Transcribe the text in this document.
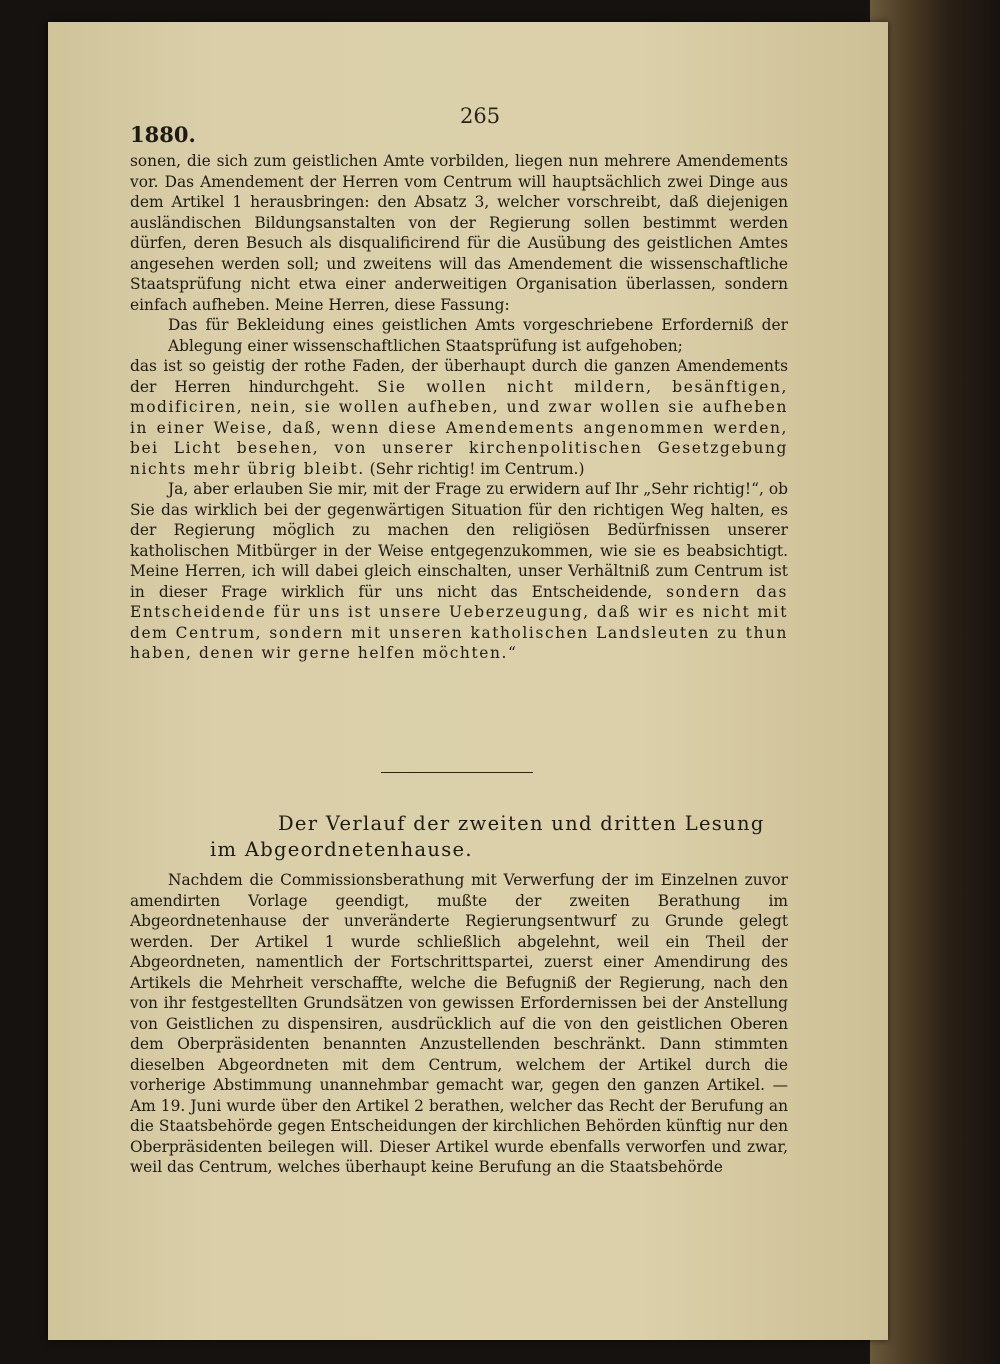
265
1880.

sonen, die sich zum geistlichen Amte vorbilden, liegen nun mehrere Amendements vor. Das Amendement der Herren vom Centrum will hauptsächlich zwei Dinge aus dem Artikel 1 herausbringen: den Absatz 3, welcher vorschreibt, daß diejenigen ausländischen Bildungsanstalten von der Regierung sollen bestimmt werden dürfen, deren Besuch als disqualificirend für die Ausübung des geistlichen Amtes angesehen werden soll; und zweitens will das Amendement die wissenschaftliche Staatsprüfung nicht etwa einer anderweitigen Organisation überlassen, sondern einfach aufheben. Meine Herren, diese Fassung:

Das für Bekleidung eines geistlichen Amts vorgeschriebene Erforderniß der Ablegung einer wissenschaftlichen Staatsprüfung ist aufgehoben;

das ist so geistig der rothe Faden, der überhaupt durch die ganzen Amendements der Herren hindurchgeht. Sie wollen nicht mildern, besänftigen, modificiren, nein, sie wollen aufheben, und zwar wollen sie aufheben in einer Weise, daß, wenn diese Amendements angenommen werden, bei Licht besehen, von unserer kirchenpolitischen Gesetzgebung nichts mehr übrig bleibt. (Sehr richtig! im Centrum.)

Ja, aber erlauben Sie mir, mit der Frage zu erwidern auf Ihr „Sehr richtig!“, ob Sie das wirklich bei der gegenwärtigen Situation für den richtigen Weg halten, es der Regierung möglich zu machen den religiösen Bedürfnissen unserer katholischen Mitbürger in der Weise entgegenzukommen, wie sie es beabsichtigt. Meine Herren, ich will dabei gleich einschalten, unser Verhältniß zum Centrum ist in dieser Frage wirklich für uns nicht das Entscheidende, sondern das Entscheidende für uns ist unsere Ueberzeugung, daß wir es nicht mit dem Centrum, sondern mit unseren katholischen Landsleuten zu thun haben, denen wir gerne helfen möchten.“

Der Verlauf der zweiten und dritten Lesung
im Abgeordnetenhause.

Nachdem die Commissionsberathung mit Verwerfung der im Einzelnen zuvor amendirten Vorlage geendigt, mußte der zweiten Berathung im Abgeordnetenhause der unveränderte Regierungsentwurf zu Grunde gelegt werden. Der Artikel 1 wurde schließlich abgelehnt, weil ein Theil der Abgeordneten, namentlich der Fortschrittspartei, zuerst einer Amendirung des Artikels die Mehrheit verschaffte, welche die Befugniß der Regierung, nach den von ihr festgestellten Grundsätzen von gewissen Erfordernissen bei der Anstellung von Geistlichen zu dispensiren, ausdrücklich auf die von den geistlichen Oberen dem Oberpräsidenten benannten Anzustellenden beschränkt. Dann stimmten dieselben Abgeordneten mit dem Centrum, welchem der Artikel durch die vorherige Abstimmung unannehmbar gemacht war, gegen den ganzen Artikel. — Am 19. Juni wurde über den Artikel 2 berathen, welcher das Recht der Berufung an die Staatsbehörde gegen Entscheidungen der kirchlichen Behörden künftig nur den Oberpräsidenten beilegen will. Dieser Artikel wurde ebenfalls verworfen und zwar, weil das Centrum, welches überhaupt keine Berufung an die Staatsbehörde
